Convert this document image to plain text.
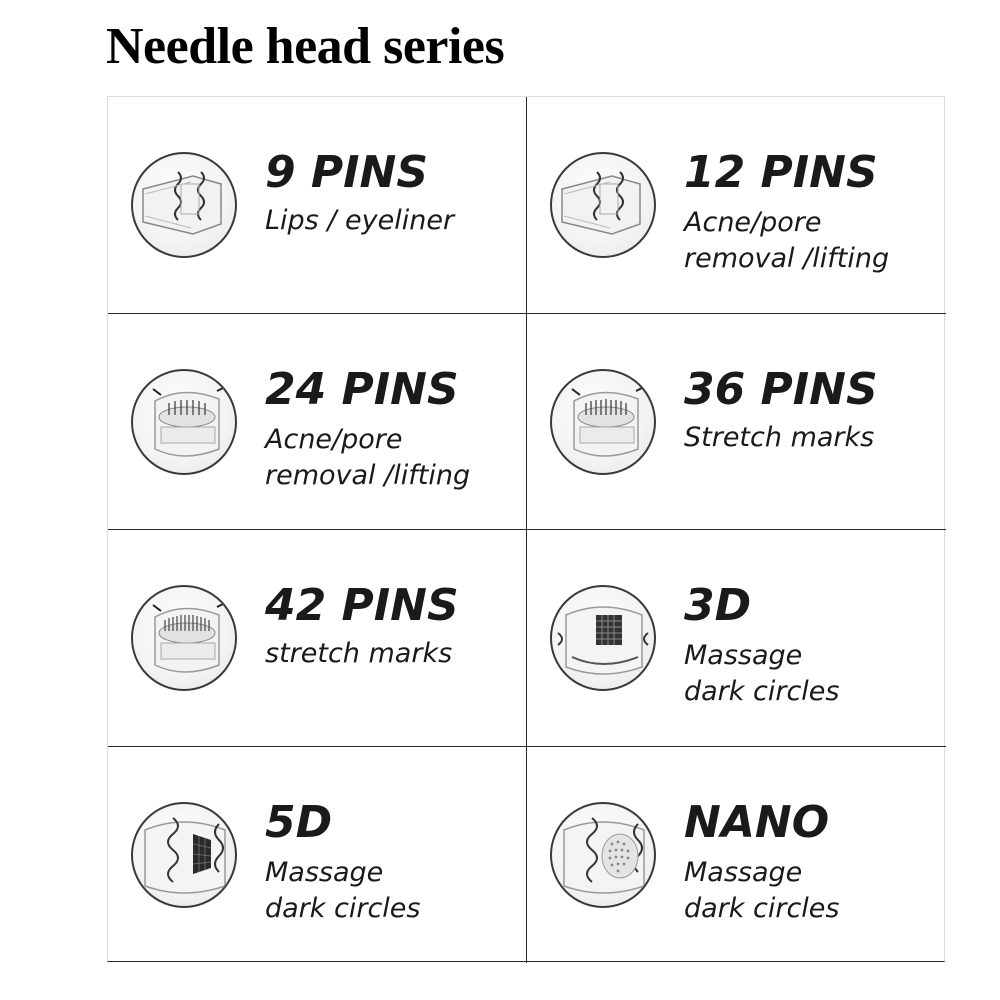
Needle head series
9 PINS
Lips / eyeliner
12 PINS
Acne/pore
removal /lifting
24 PINS
Acne/pore
removal /lifting
36 PINS
Stretch marks
42 PINS
stretch marks
3D
Massage
dark circles
5D
Massage
dark circles
NANO
Massage
dark circles
